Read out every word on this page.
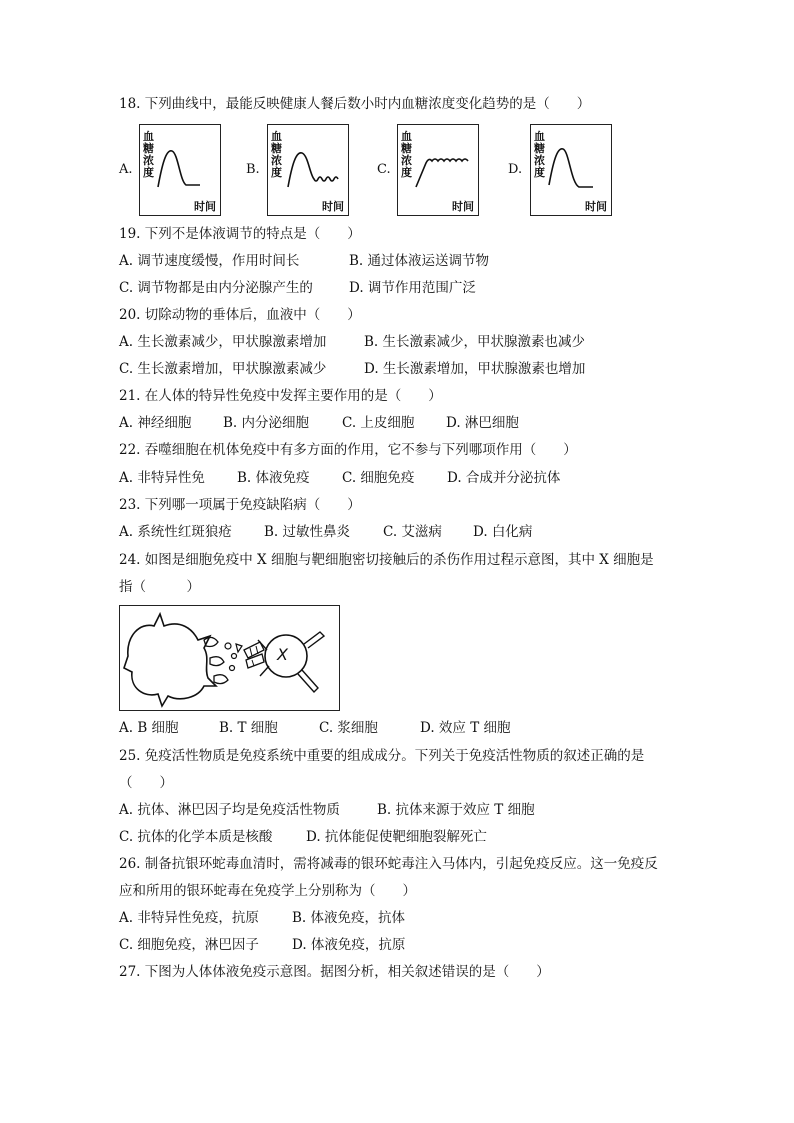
18. 下列曲线中，最能反映健康人餐后数小时内血糖浓度变化趋势的是（　　）
A.
血糖浓度
时间
B.
血糖浓度
时间
C.
血糖浓度
时间
D.
血糖浓度
时间
19. 下列不是体液调节的特点是（　　）
A. 调节速度缓慢，作用时间长	B. 通过体液运送调节物
C. 调节物都是由内分泌腺产生的	D. 调节作用范围广泛
20. 切除动物的垂体后，血液中（　　）
A. 生长激素减少，甲状腺激素增加	B. 生长激素减少，甲状腺激素也减少
C. 生长激素增加，甲状腺激素减少	D. 生长激素增加，甲状腺激素也增加
21. 在人体的特异性免疫中发挥主要作用的是（　　）
A. 神经细胞 B. 内分泌细胞 C. 上皮细胞 D. 淋巴细胞
22. 吞噬细胞在机体免疫中有多方面的作用，它不参与下列哪项作用（　　）
A. 非特异性免 B. 体液免疫 C. 细胞免疫 D. 合成并分泌抗体
23. 下列哪一项属于免疫缺陷病（　　）
A. 系统性红斑狼疮 B. 过敏性鼻炎 C. 艾滋病 D. 白化病
24. 如图是细胞免疫中 X 细胞与靶细胞密切接触后的杀伤作用过程示意图，其中 X 细胞是
指（　　　）
X
A. B 细胞	B. T 细胞	C. 浆细胞	D. 效应 T 细胞
25. 免疫活性物质是免疫系统中重要的组成成分。下列关于免疫活性物质的叙述正确的是
（　　）
A. 抗体、淋巴因子均是免疫活性物质	B. 抗体来源于效应 T 细胞
C. 抗体的化学本质是核酸 D. 抗体能促使靶细胞裂解死亡
26. 制备抗银环蛇毒血清时，需将减毒的银环蛇毒注入马体内，引起免疫反应。这一免疫反
应和所用的银环蛇毒在免疫学上分别称为（　　）
A. 非特异性免疫，抗原 B. 体液免疫，抗体
C. 细胞免疫，淋巴因子 D. 体液免疫，抗原
27. 下图为人体体液免疫示意图。据图分析，相关叙述错误的是（　　）
